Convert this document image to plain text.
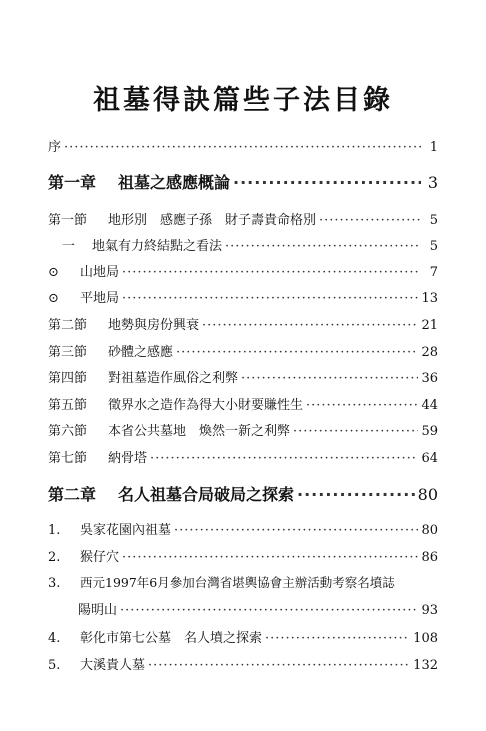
祖墓得訣篇些子法目錄
序 ·····	1
第一章	祖墓之感應概論 ·····	3
第一節	地形別　感應子孫　財子壽貴命格別 ·····	5
一	地氣有力終結點之看法 ·····	5
⊙	山地局 ·····	7
⊙	平地局 ·····	13
第二節	地勢與房份興衰 ·····	21
第三節	砂體之感應 ·····	28
第四節	對祖墓造作風俗之利弊 ·····	36
第五節	徵界水之造作為得大小財要賺性生 ·····	44
第六節	本省公共墓地　煥然一新之利弊 ·····	59
第七節	納骨塔 ·····	64
第二章	名人祖墓合局破局之探索 ·····	80
1.	吳家花園內祖墓 ·····	80
2.	猴仔穴 ·····	86
3.	西元1997年6月參加台灣省堪輿協會主辦活動考察名墳誌
陽明山 ·····	93
4.	彰化市第七公墓　名人墳之探索 ·····	108
5.	大溪貴人墓 ·····	132
